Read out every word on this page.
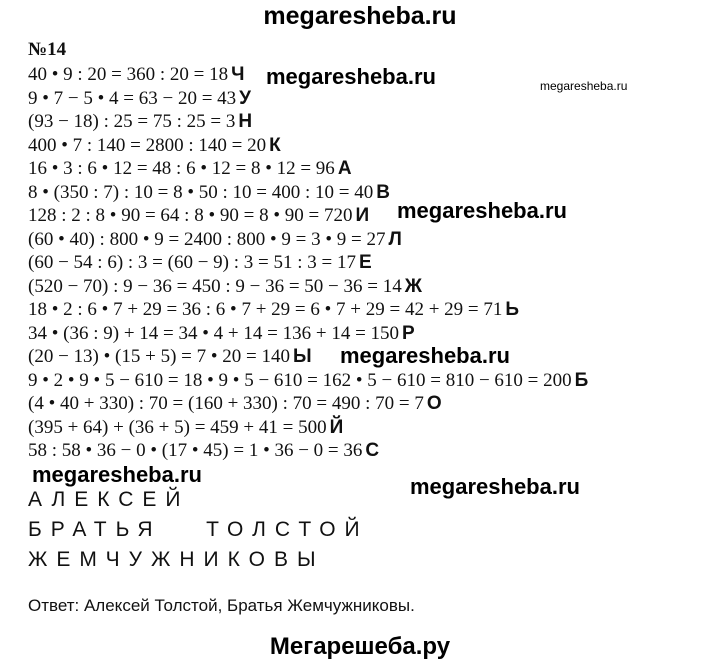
megaresheba.ru
№14
40 • 9 : 20 = 360 : 20 = 18 Ч
9 • 7 − 5 • 4 = 63 − 20 = 43 У
(93 − 18) : 25 = 75 : 25 = 3 Н
400 • 7 : 140 = 2800 : 140 = 20 К
16 • 3 : 6 • 12 = 48 : 6 • 12 = 8 • 12 = 96 А
8 • (350 : 7) : 10 = 8 • 50 : 10 = 400 : 10 = 40 В
128 : 2 : 8 • 90 = 64 : 8 • 90 = 8 • 90 = 720 И
(60 • 40) : 800 • 9 = 2400 : 800 • 9 = 3 • 9 = 27 Л
(60 − 54 : 6) : 3 = (60 − 9) : 3 = 51 : 3 = 17 Е
(520 − 70) : 9 − 36 = 450 : 9 − 36 = 50 − 36 = 14 Ж
18 • 2 : 6 • 7 + 29 = 36 : 6 • 7 + 29 = 6 • 7 + 29 = 42 + 29 = 71 Ь
34 • (36 : 9) + 14 = 34 • 4 + 14 = 136 + 14 = 150 Р
(20 − 13) • (15 + 5) = 7 • 20 = 140 Ы
9 • 2 • 9 • 5 − 610 = 18 • 9 • 5 − 610 = 162 • 5 − 610 = 810 − 610 = 200 Б
(4 • 40 + 330) : 70 = (160 + 330) : 70 = 490 : 70 = 7 О
(395 + 64) + (36 + 5) = 459 + 41 = 500 Й
58 : 58 • 36 − 0 • (17 • 45) = 1 • 36 − 0 = 36 С
АЛЕКСЕЙ
БРАТЬЯ   ТОЛСТОЙ
ЖЕМЧУЖНИКОВЫ
Ответ: Алексей Толстой, Братья Жемчужниковы.
megaresheba.ru	megaresheba.ru
megaresheba.ru
megaresheba.ru
megaresheba.ru	megaresheba.ru
Мегарешеба.ру
